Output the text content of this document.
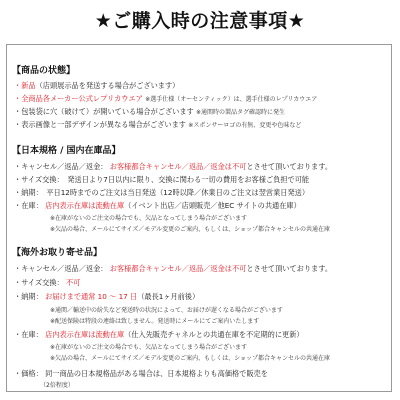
★ご購入時の注意事項★
【商品の状態】
・新品（店頭展示品を発送する場合がございます）
・全商品各メーカー公式レプリカウエア ※選手仕様（オーセンティック）は、選手仕様のレプリカウエア
・包装袋に穴（破けて）が開いている場合がございます ※通関時の製品タグ確認時に発生
・表示画像と一部デザインが異なる場合がございます ※スポンサーロゴの有無、変更や色味など
【日本規格 / 国内在庫品】
・キャンセル／返品／返金： お客様都合キャンセル／返品／返金は不可とさせて頂いております。
・サイズ交換：　発送日より7日以内に限り、交換に関わる一切の費用をお客様ご負担で可能
・納期：　平日12時までのご注文は当日発送（12時以降／休業日のご注文は翌営業日発送）
・在庫： 店内表示在庫は流動在庫（イベント出店／店頭販売／他EC サイトの共通在庫）
※在庫がないのご注文の場合でも、欠品となってしまう場合がございます
※欠品の場合、メールにてサイズ／モデル変更のご案内、もしくは、ショップ都合キャンセルの共通在庫
【海外お取り寄せ品】
・キャンセル／返品／返金： お客様都合キャンセル／返品／返金は不可とさせて頂いております。
・サイズ交換： 不可
・納期： お届けまで通常 10 ～ 17 日（最長1ヶ月前後）
※通関／輸送中の紛失など発送時の状況によって、お届けが遅くなる場合がございます
※配送保険は特段の連絡は致しません。発送時にメールにてご案内いたします
・在庫： 店内表示在庫は流動在庫（仕入先販売チャネルとの共通在庫を不定期的に更新）
※在庫がないのご注文の場合でも、欠品となってしまう場合がございます
※欠品の場合、メールにてサイズ／モデル変更のご案内、もしくは、ショップ都合キャンセルの共通在庫
・価格： 同一商品の日本規格品がある場合は、日本規格よりも高価格で販売を
（2倍程度）
